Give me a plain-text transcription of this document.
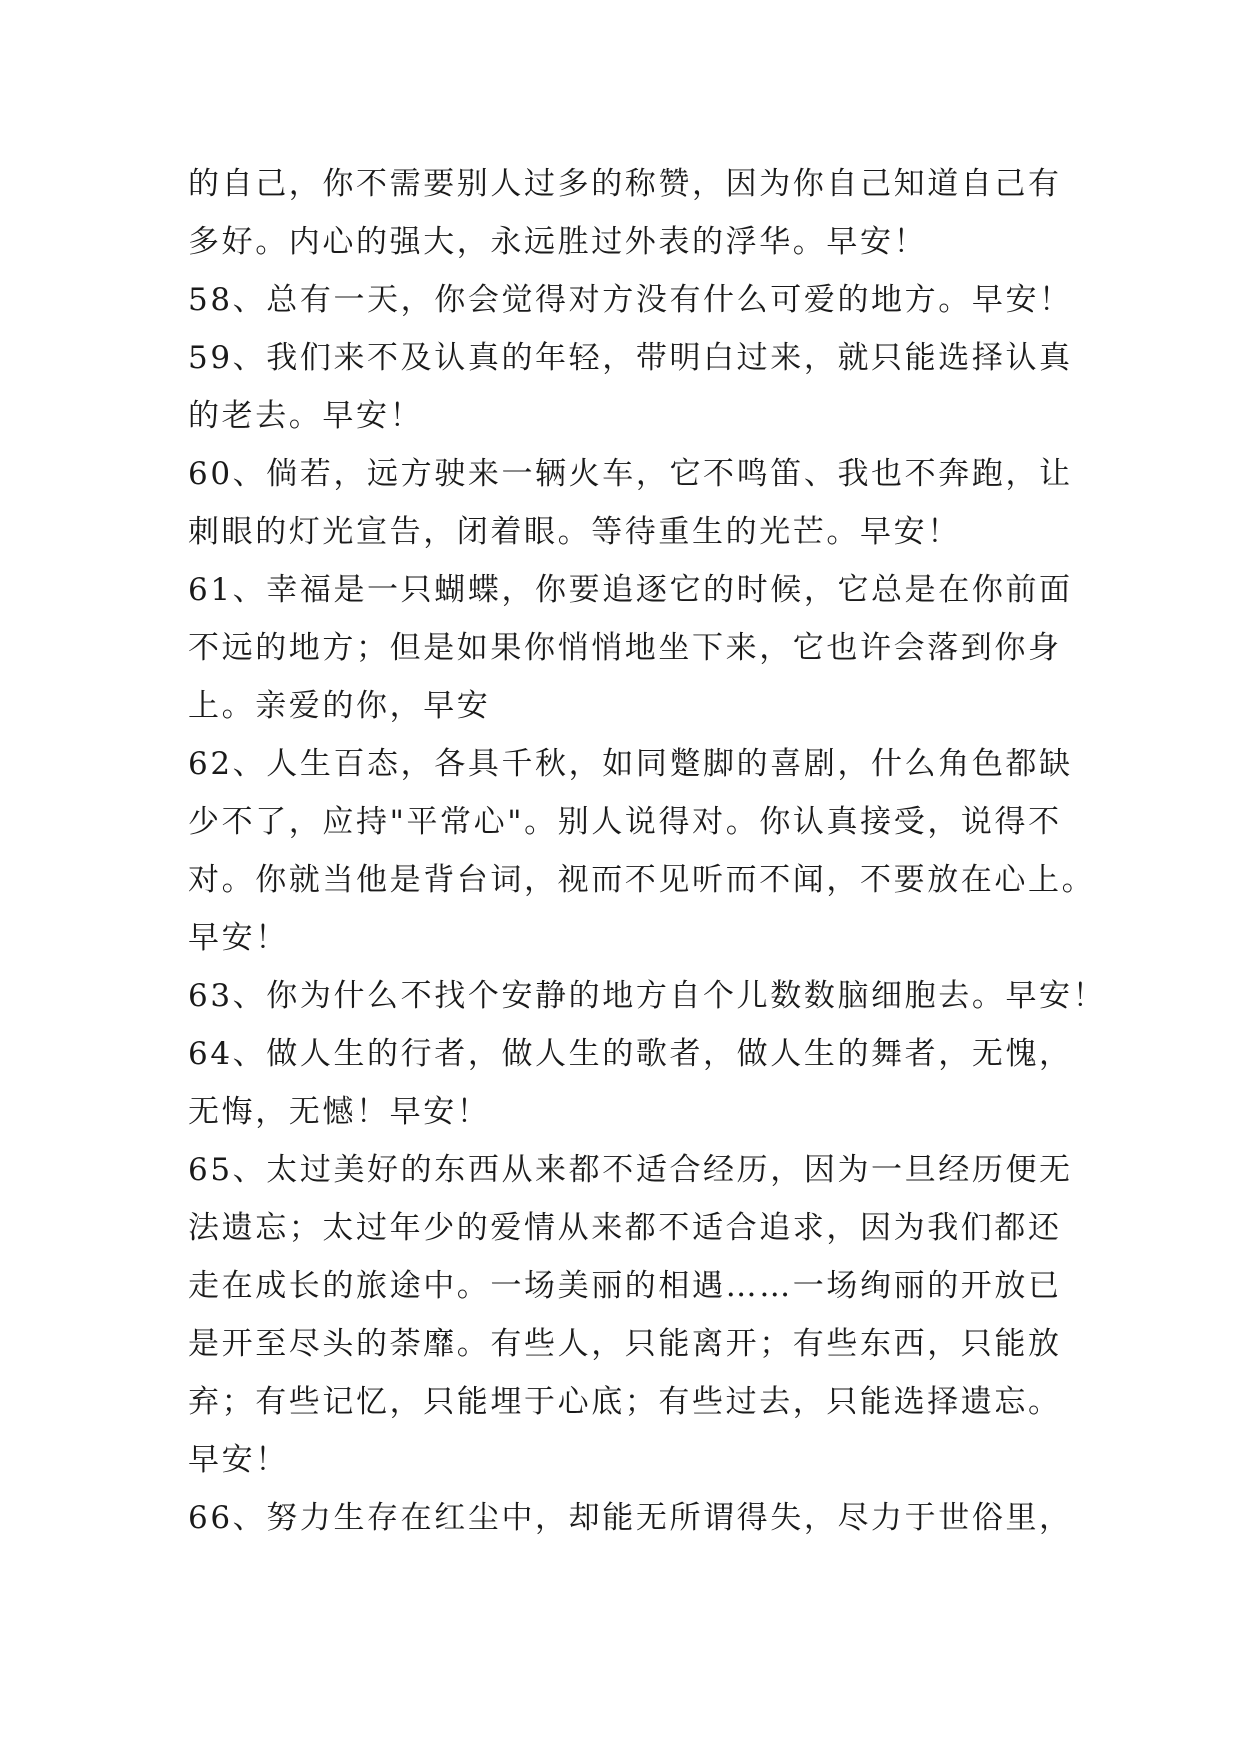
的自己，你不需要别人过多的称赞，因为你自己知道自己有
多好。内心的强大，永远胜过外表的浮华。早安！
58、总有一天，你会觉得对方没有什么可爱的地方。早安！
59、我们来不及认真的年轻，带明白过来，就只能选择认真
的老去。早安！
60、倘若，远方驶来一辆火车，它不鸣笛、我也不奔跑，让
刺眼的灯光宣告，闭着眼。等待重生的光芒。早安！
61、幸福是一只蝴蝶，你要追逐它的时候，它总是在你前面
不远的地方；但是如果你悄悄地坐下来，它也许会落到你身
上。亲爱的你，早安
62、人生百态，各具千秋，如同蹩脚的喜剧，什么角色都缺
少不了，应持"平常心"。别人说得对。你认真接受，说得不
对。你就当他是背台词，视而不见听而不闻，不要放在心上。
早安！
63、你为什么不找个安静的地方自个儿数数脑细胞去。早安！
64、做人生的行者，做人生的歌者，做人生的舞者，无愧，
无悔，无憾！早安！
65、太过美好的东西从来都不适合经历，因为一旦经历便无
法遗忘；太过年少的爱情从来都不适合追求，因为我们都还
走在成长的旅途中。一场美丽的相遇……一场绚丽的开放已
是开至尽头的荼靡。有些人，只能离开；有些东西，只能放
弃；有些记忆，只能埋于心底；有些过去，只能选择遗忘。
早安！
66、努力生存在红尘中，却能无所谓得失，尽力于世俗里，
